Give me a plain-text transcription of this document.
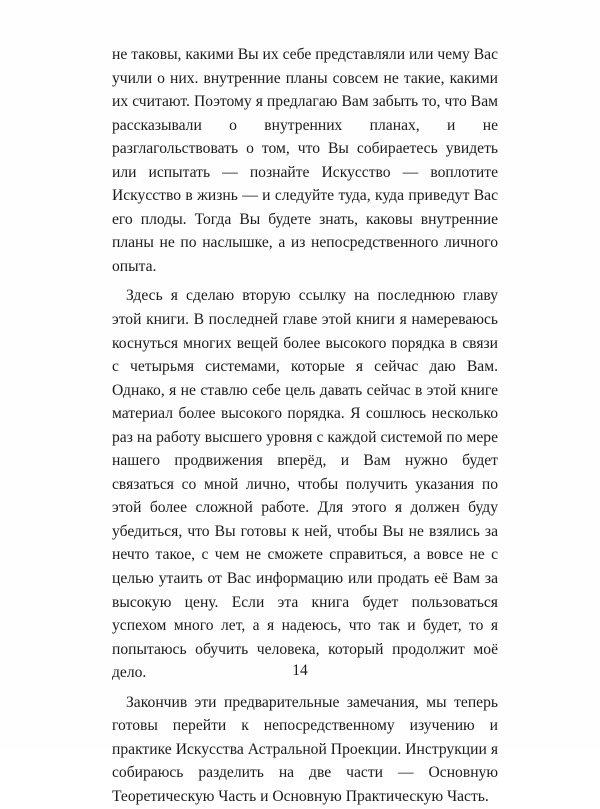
не таковы, какими Вы их себе представляли или чему Вас учили о них. внутренние планы совсем не такие, какими их считают. Поэтому я предлагаю Вам забыть то, что Вам рассказывали о внутренних планах, и не разглагольствовать о том, что Вы собираетесь увидеть или испытать — познайте Искусство — воплотите Искусство в жизнь — и следуйте туда, куда приведут Вас его плоды. Тогда Вы будете знать, каковы внутренние планы не по наслышке, а из непосредственного личного опыта.

Здесь я сделаю вторую ссылку на последнюю главу этой книги. В последней главе этой книги я намереваюсь коснуться многих вещей более высокого порядка в связи с четырьмя системами, которые я сейчас даю Вам. Однако, я не ставлю себе цель давать сейчас в этой книге материал более высокого порядка. Я сошлюсь несколько раз на работу высшего уровня с каждой системой по мере нашего продвижения вперёд, и Вам нужно будет связаться со мной лично, чтобы получить указания по этой более сложной работе. Для этого я должен буду убедиться, что Вы готовы к ней, чтобы Вы не взялись за нечто такое, с чем не сможете справиться, а вовсе не с целью утаить от Вас информацию или продать её Вам за высокую цену. Если эта книга будет пользоваться успехом много лет, а я надеюсь, что так и будет, то я попытаюсь обучить человека, который продолжит моё дело.

Закончив эти предварительные замечания, мы теперь готовы перейти к непосредственному изучению и практике Искусства Астральной Проекции. Инструкции я собираюсь разделить на две части — Основную Теоретическую Часть и Основную Практическую Часть.

14
